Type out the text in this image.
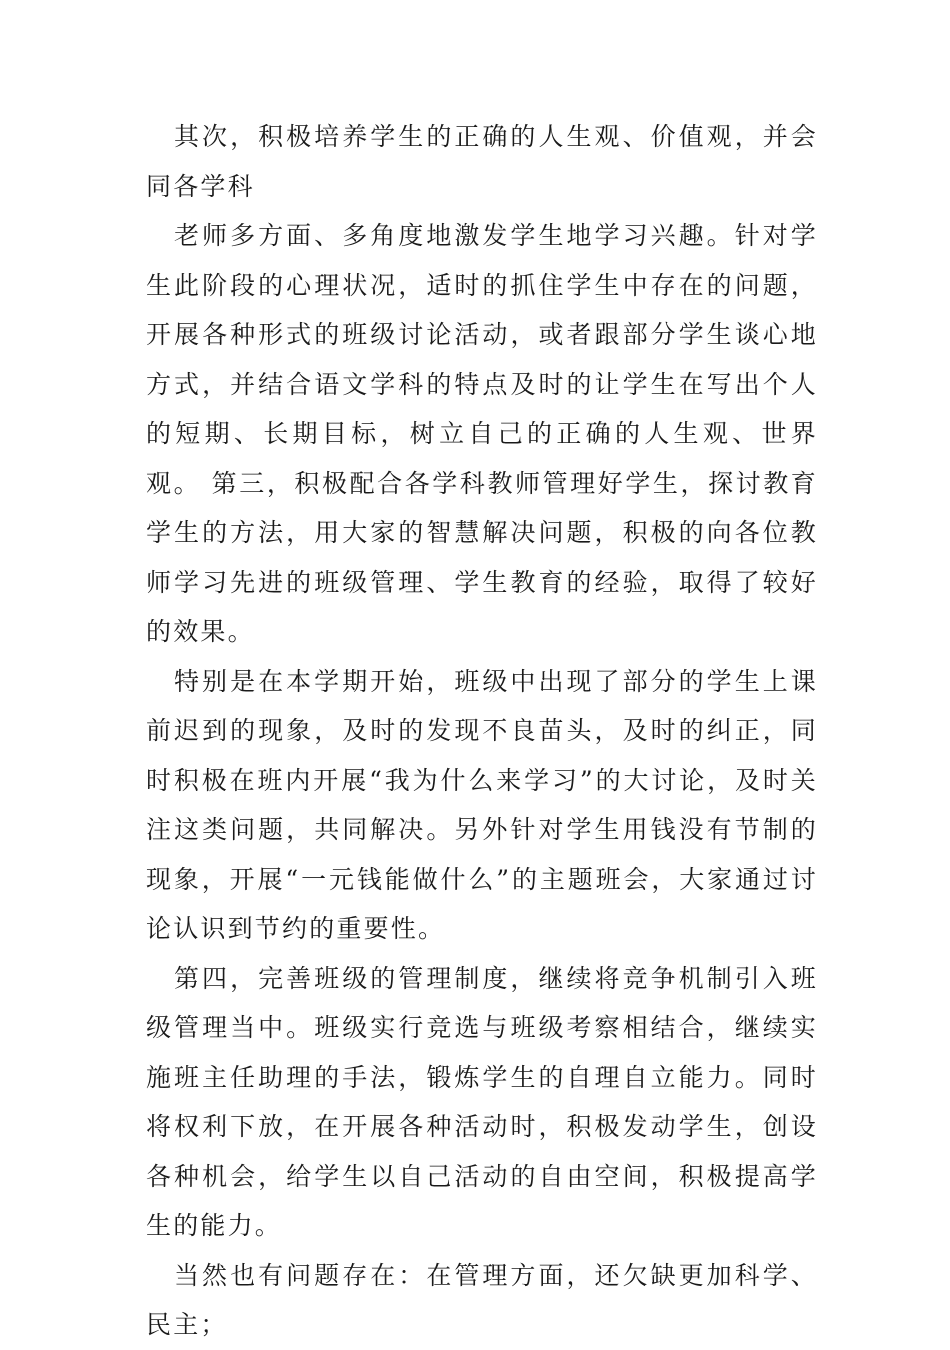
其次，积极培养学生的正确的人生观、价值观，并会同各学科

老师多方面、多角度地激发学生地学习兴趣。针对学生此阶段的心理状况，适时的抓住学生中存在的问题，开展各种形式的班级讨论活动，或者跟部分学生谈心地方式，并结合语文学科的特点及时的让学生在写出个人的短期、长期目标，树立自己的正确的人生观、世界观。 第三，积极配合各学科教师管理好学生，探讨教育学生的方法，用大家的智慧解决问题，积极的向各位教师学习先进的班级管理、学生教育的经验，取得了较好的效果。

特别是在本学期开始，班级中出现了部分的学生上课前迟到的现象，及时的发现不良苗头，及时的纠正，同时积极在班内开展“我为什么来学习”的大讨论，及时关注这类问题，共同解决。另外针对学生用钱没有节制的现象，开展“一元钱能做什么”的主题班会，大家通过讨论认识到节约的重要性。

第四，完善班级的管理制度，继续将竞争机制引入班级管理当中。班级实行竞选与班级考察相结合，继续实施班主任助理的手法，锻炼学生的自理自立能力。同时将权利下放，在开展各种活动时，积极发动学生，创设各种机会，给学生以自己活动的自由空间，积极提高学生的能力。

当然也有问题存在：在管理方面，还欠缺更加科学、民主；
